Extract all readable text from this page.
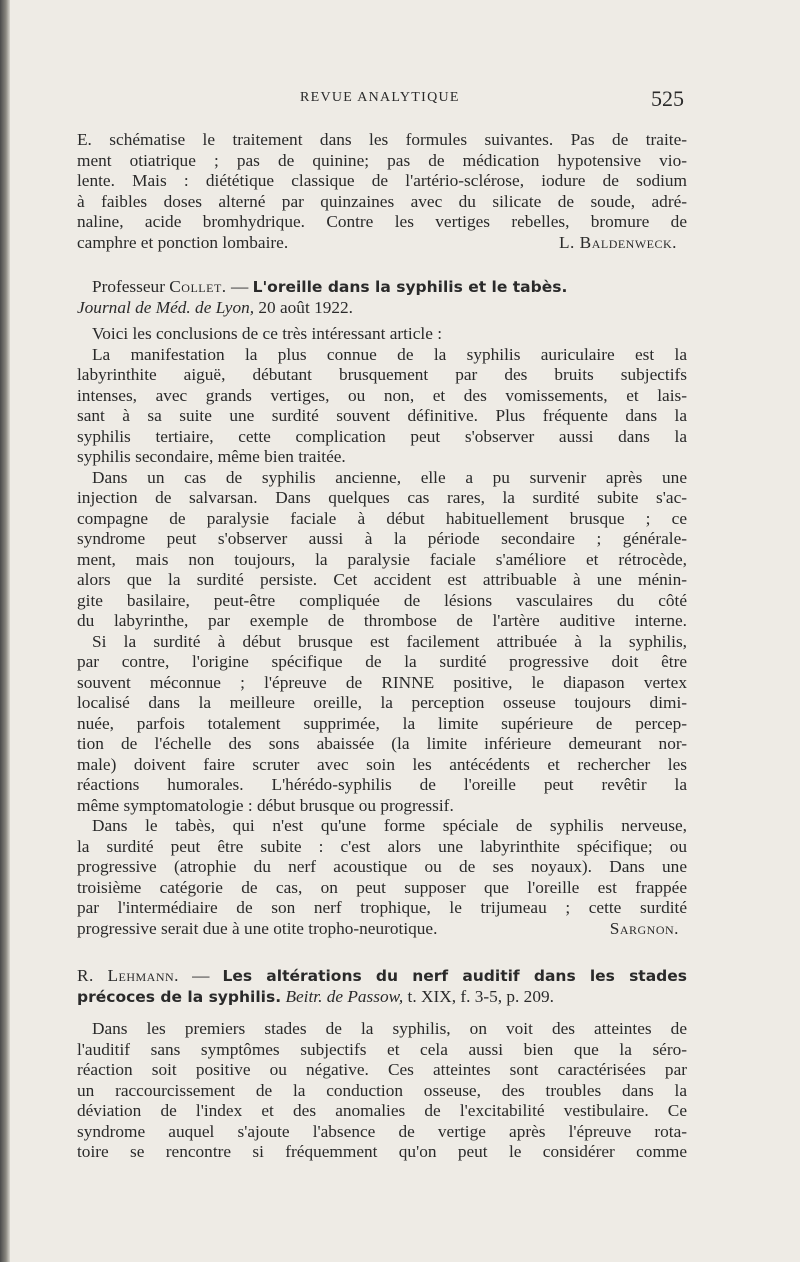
REVUE ANALYTIQUE	525
E. schématise le traitement dans les formules suivantes. Pas de traite-
ment otiatrique ; pas de quinine; pas de médication hypotensive vio-
lente. Mais : diététique classique de l'artério-sclérose, iodure de sodium
à faibles doses alterné par quinzaines avec du silicate de soude, adré-
naline, acide bromhydrique. Contre les vertiges rebelles, bromure de
camphre et ponction lombaire.	L. Baldenweck.
Professeur Collet. — L'oreille dans la syphilis et le tabès.
Journal de Méd. de Lyon, 20 août 1922.
Voici les conclusions de ce très intéressant article :
La manifestation la plus connue de la syphilis auriculaire est la
labyrinthite aiguë, débutant brusquement par des bruits subjectifs
intenses, avec grands vertiges, ou non, et des vomissements, et lais-
sant à sa suite une surdité souvent définitive. Plus fréquente dans la
syphilis tertiaire, cette complication peut s'observer aussi dans la
syphilis secondaire, même bien traitée.
Dans un cas de syphilis ancienne, elle a pu survenir après une
injection de salvarsan. Dans quelques cas rares, la surdité subite s'ac-
compagne de paralysie faciale à début habituellement brusque ; ce
syndrome peut s'observer aussi à la période secondaire ; générale-
ment, mais non toujours, la paralysie faciale s'améliore et rétrocède,
alors que la surdité persiste. Cet accident est attribuable à une ménin-
gite basilaire, peut-être compliquée de lésions vasculaires du côté
du labyrinthe, par exemple de thrombose de l'artère auditive interne.
Si la surdité à début brusque est facilement attribuée à la syphilis,
par contre, l'origine spécifique de la surdité progressive doit être
souvent méconnue ; l'épreuve de RINNE positive, le diapason vertex
localisé dans la meilleure oreille, la perception osseuse toujours dimi-
nuée, parfois totalement supprimée, la limite supérieure de percep-
tion de l'échelle des sons abaissée (la limite inférieure demeurant nor-
male) doivent faire scruter avec soin les antécédents et rechercher les
réactions humorales. L'hérédo-syphilis de l'oreille peut revêtir la
même symptomatologie : début brusque ou progressif.
Dans le tabès, qui n'est qu'une forme spéciale de syphilis nerveuse,
la surdité peut être subite : c'est alors une labyrinthite spécifique; ou
progressive (atrophie du nerf acoustique ou de ses noyaux). Dans une
troisième catégorie de cas, on peut supposer que l'oreille est frappée
par l'intermédiaire de son nerf trophique, le trijumeau ; cette surdité
progressive serait due à une otite tropho-neurotique.	Sargnon.
R. Lehmann. — Les altérations du nerf auditif dans les stades
précoces de la syphilis. Beitr. de Passow, t. XIX, f. 3-5, p. 209.
Dans les premiers stades de la syphilis, on voit des atteintes de
l'auditif sans symptômes subjectifs et cela aussi bien que la séro-
réaction soit positive ou négative. Ces atteintes sont caractérisées par
un raccourcissement de la conduction osseuse, des troubles dans la
déviation de l'index et des anomalies de l'excitabilité vestibulaire. Ce
syndrome auquel s'ajoute l'absence de vertige après l'épreuve rota-
toire se rencontre si fréquemment qu'on peut le considérer comme
